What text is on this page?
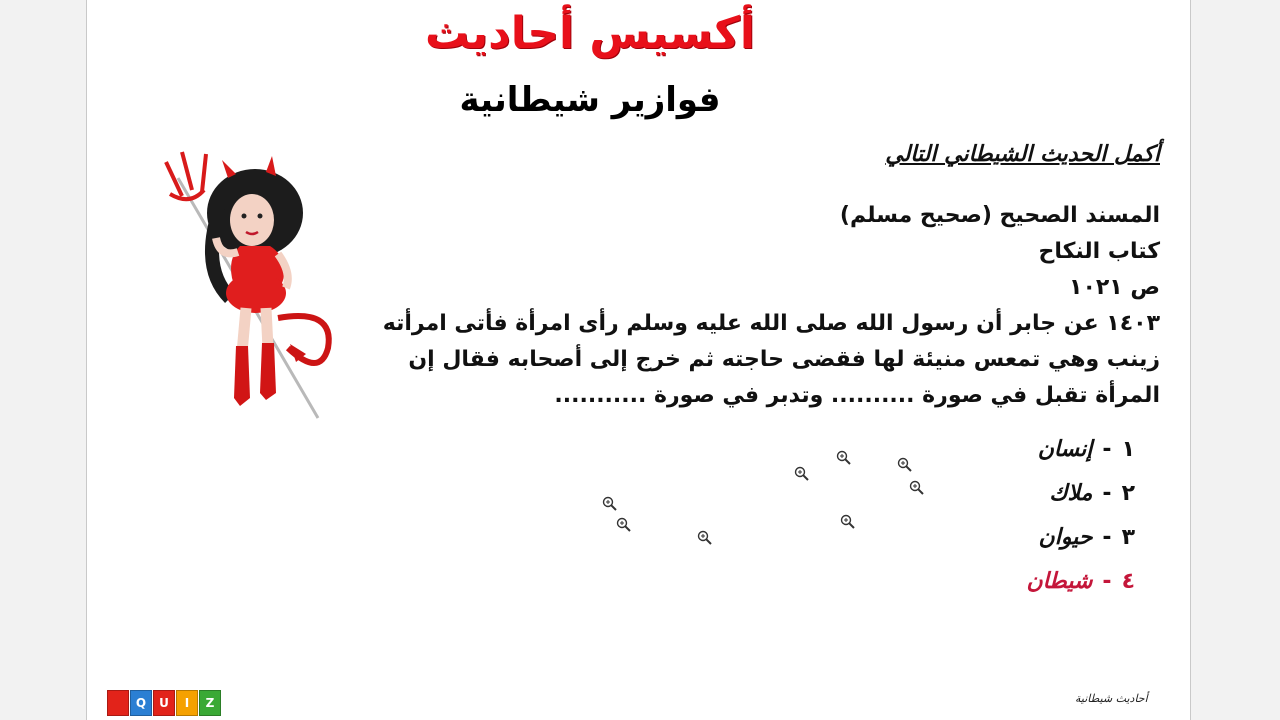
أكسيس أحاديث
فوازير شيطانية
أكمل الحديث الشيطاني التالي
المسند الصحيح (صحيح مسلم)
كتاب النكاح
ص ١٠٢١
١٤٠٣ عن جابر أن رسول الله صلى الله عليه وسلم رأى امرأة فأتى امرأته
زينب وهي تمعس منيئة لها فقضى حاجته ثم خرج إلى أصحابه فقال إن
المرأة تقبل في صورة .......... وتدبر في صورة ...........
١-إنسان
٢-ملاك
٣-حيوان
٤-شيطان
Q	U	I	Z	أحاديث شيطانية
